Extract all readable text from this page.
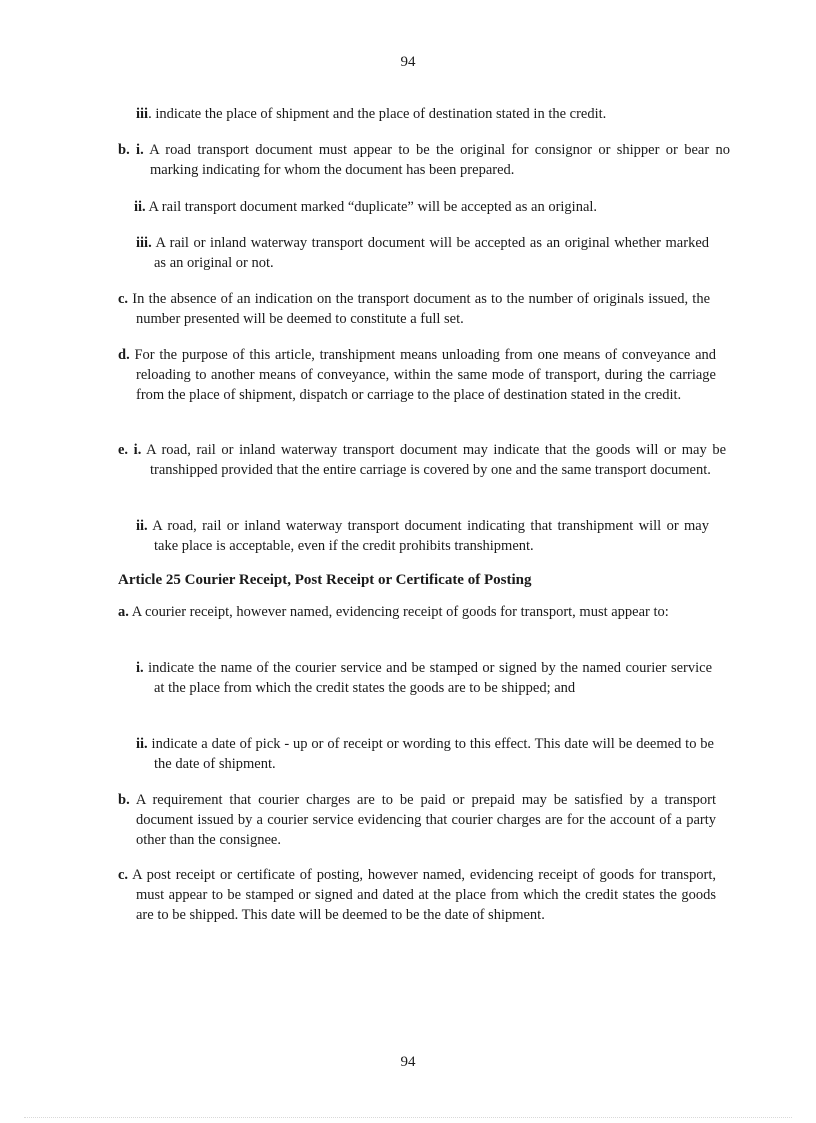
94
iii. indicate the place of shipment and the place of destination stated in the credit.
b. i. A road transport document must appear to be the original for consignor or shipper or bear no marking indicating for whom the document has been prepared.
ii. A rail transport document marked “duplicate” will be accepted as an original.
iii. A rail or inland waterway transport document will be accepted as an original whether marked as an original or not.
c. In the absence of an indication on the transport document as to the number of originals issued, the number presented will be deemed to constitute a full set.
d. For the purpose of this article, transhipment means unloading from one means of conveyance and reloading to another means of conveyance, within the same mode of transport, during the carriage from the place of shipment, dispatch or carriage to the place of destination stated in the credit.
e. i. A road, rail or inland waterway transport document may indicate that the goods will or may be transhipped provided that the entire carriage is covered by one and the same transport document.
ii. A road, rail or inland waterway transport document indicating that transhipment will or may take place is acceptable, even if the credit prohibits transhipment.
Article 25 Courier Receipt, Post Receipt or Certificate of Posting
a. A courier receipt, however named, evidencing receipt of goods for transport, must appear to:
i. indicate the name of the courier service and be stamped or signed by the named courier service at the place from which the credit states the goods are to be shipped; and
ii. indicate a date of pick - up or of receipt or wording to this effect. This date will be deemed to be the date of shipment.
b. A requirement that courier charges are to be paid or prepaid may be satisfied by a transport document issued by a courier service evidencing that courier charges are for the account of a party other than the consignee.
c. A post receipt or certificate of posting, however named, evidencing receipt of goods for transport, must appear to be stamped or signed and dated at the place from which the credit states the goods are to be shipped. This date will be deemed to be the date of shipment.
94
